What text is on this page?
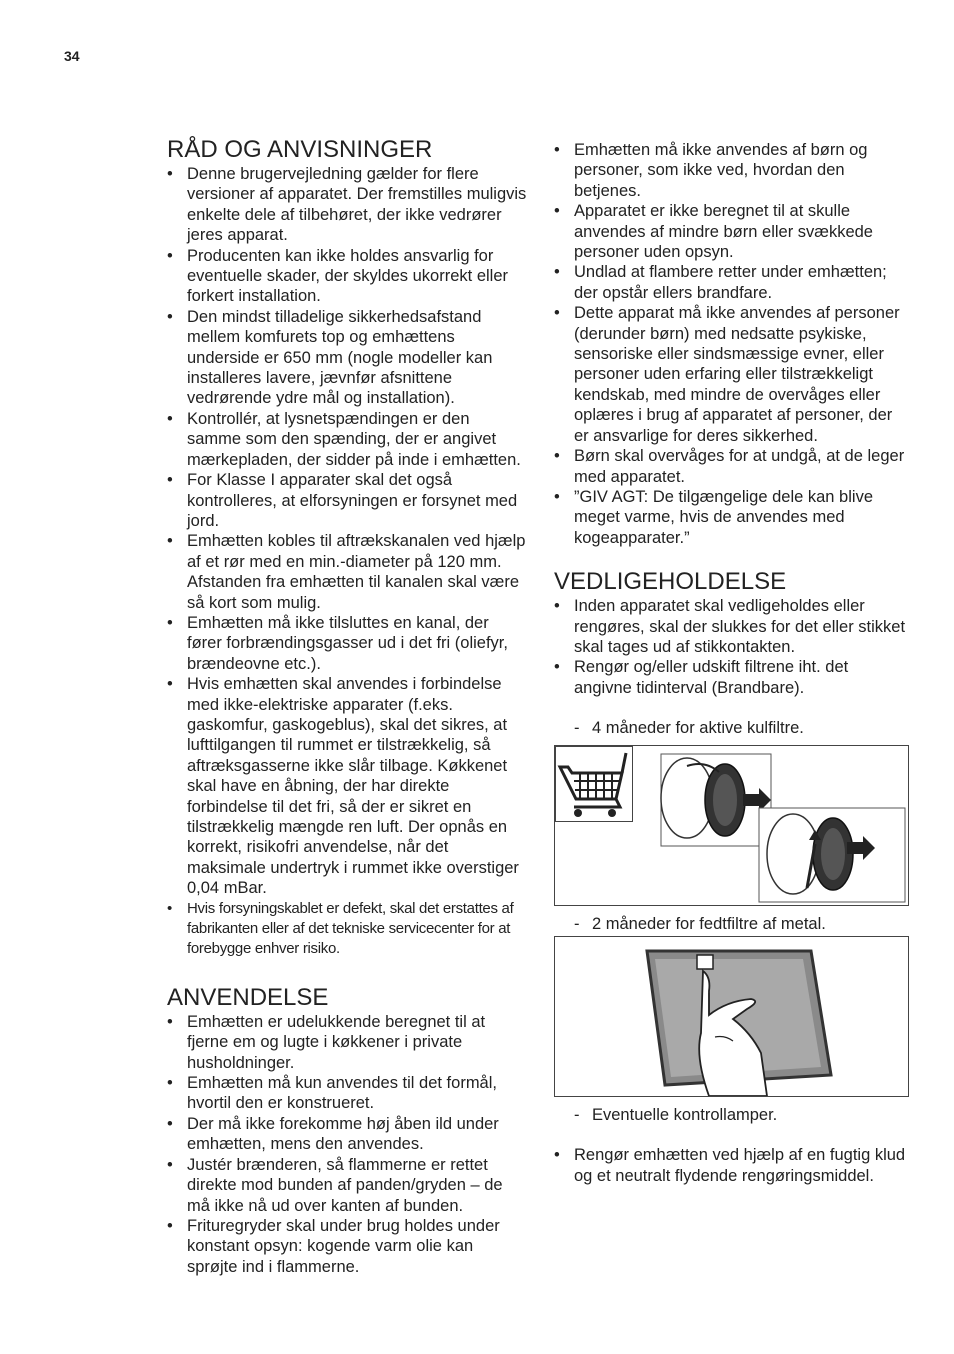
34
RÅD OG ANVISNINGER
• Denne brugervejledning gælder for flere versioner af apparatet. Der fremstilles muligvis enkelte dele af tilbehøret, der ikke vedrører jeres apparat.
• Producenten kan ikke holdes ansvarlig for eventuelle skader, der skyldes ukorrekt eller forkert installation.
• Den mindst tilladelige sikkerhedsafstand mellem komfurets top og emhættens underside er 650 mm (nogle modeller kan installeres lavere, jævnfør afsnittene vedrørende ydre mål og installation).
• Kontrollér, at lysnetspændingen er den samme som den spænding, der er angivet mærkepladen, der sidder på inde i emhætten.
• For Klasse I apparater skal det også kontrolleres, at elforsyningen er forsynet med jord.
• Emhætten kobles til aftrækskanalen ved hjælp af et rør med en min.-diameter på 120 mm. Afstanden fra emhætten til kanalen skal være så kort som mulig.
• Emhætten må ikke tilsluttes en kanal, der fører forbrændingsgasser ud i det fri (oliefyr, brændeovne etc.).
• Hvis emhætten skal anvendes i forbindelse med ikke-elektriske apparater (f.eks. gaskomfur, gaskogeblus), skal det sikres, at lufttilgangen til rummet er tilstrækkelig, så aftræksgasserne ikke slår tilbage. Køkkenet skal have en åbning, der har direkte forbindelse til det fri, så der er sikret en tilstrækkelig mængde ren luft. Der opnås en korrekt, risikofri anvendelse, når det maksimale undertryk i rummet ikke overstiger 0,04 mBar.
• Hvis forsyningskablet er defekt, skal det erstattes af fabrikanten eller af det tekniske servicecenter for at forebygge enhver risiko.
ANVENDELSE
• Emhætten er udelukkende beregnet til at fjerne em og lugte i køkkener i private husholdninger.
• Emhætten må kun anvendes til det formål, hvortil den er konstrueret.
• Der må ikke forekomme høj åben ild under emhætten, mens den anvendes.
• Justér brænderen, så flammerne er rettet direkte mod bunden af panden/gryden – de må ikke nå ud over kanten af bunden.
• Frituregryder skal under brug holdes under konstant opsyn: kogende varm olie kan sprøjte ind i flammerne.
• Emhætten må ikke anvendes af børn og personer, som ikke ved, hvordan den betjenes.
• Apparatet er ikke beregnet til at skulle anvendes af mindre børn eller svækkede personer uden opsyn.
• Undlad at flambere retter under emhætten; der opstår ellers brandfare.
• Dette apparat må ikke anvendes af personer (derunder børn) med nedsatte psykiske, sensoriske eller sindsmæssige evner, eller personer uden erfaring eller tilstrækkeligt kendskab, med mindre de overvåges eller oplæres i brug af apparatet af personer, der er ansvarlige for deres sikkerhed.
• Børn skal overvåges for at undgå, at de leger med apparatet.
• ”GIV AGT: De tilgængelige dele kan blive meget varme, hvis de anvendes med kogeapparater.”
VEDLIGEHOLDELSE
• Inden apparatet skal vedligeholdes eller rengøres, skal der slukkes for det eller stikket skal tages ud af stikkontakten.
• Rengør og/eller udskift filtrene iht. det angivne tidinterval (Brandbare).
- 4 måneder for aktive kulfiltre.
- 2 måneder for fedtfiltre af metal.
- Eventuelle kontrollamper.
• Rengør emhætten ved hjælp af en fugtig klud og et neutralt flydende rengøringsmiddel.
